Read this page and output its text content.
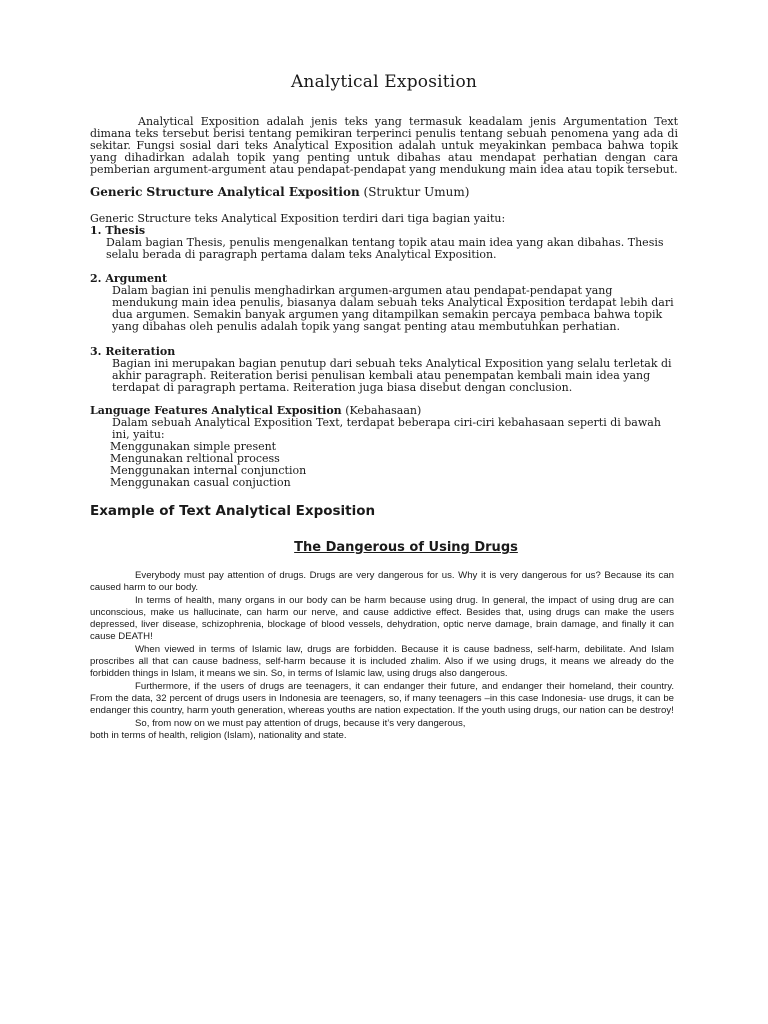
Analytical Exposition
Analytical Exposition adalah jenis teks yang termasuk keadalam jenis Argumentation Text dimana teks tersebut berisi tentang pemikiran terperinci penulis tentang sebuah penomena yang ada di sekitar. Fungsi sosial dari teks Analytical Exposition adalah untuk meyakinkan pembaca bahwa topik yang dihadirkan adalah topik yang penting untuk dibahas atau mendapat perhatian dengan cara pemberian argument-argument atau pendapat-pendapat yang mendukung main idea atau topik tersebut.
Generic Structure Analytical Exposition (Struktur Umum)
Generic Structure teks Analytical Exposition terdiri dari tiga bagian yaitu:
1. Thesis
Dalam bagian Thesis, penulis mengenalkan tentang topik atau main idea yang akan dibahas. Thesis selalu berada di paragraph pertama dalam teks Analytical Exposition.
2. Argument
Dalam bagian ini penulis menghadirkan argumen-argumen atau pendapat-pendapat yang mendukung main idea penulis, biasanya dalam sebuah teks Analytical Exposition terdapat lebih dari dua argumen. Semakin banyak argumen yang ditampilkan semakin percaya pembaca bahwa topik yang dibahas oleh penulis adalah topik yang sangat penting atau membutuhkan perhatian.
3. Reiteration
Bagian ini merupakan bagian penutup dari sebuah teks Analytical Exposition yang selalu terletak di akhir paragraph. Reiteration berisi penulisan kembali atau penempatan kembali main idea yang terdapat di paragraph pertama. Reiteration juga biasa disebut dengan conclusion.
Language Features Analytical Exposition (Kebahasaan)
Dalam sebuah Analytical Exposition Text, terdapat beberapa ciri-ciri kebahasaan seperti di bawah ini, yaitu:
Menggunakan simple present
Mengunakan reltional process
Menggunakan internal conjunction
Menggunakan casual conjuction
Example of Text Analytical Exposition
The Dangerous of Using Drugs
Everybody must pay attention of drugs. Drugs are very dangerous for us. Why it is very dangerous for us? Because its can caused harm to our body.
In terms of health, many organs in our body can be harm because using drug. In general, the impact of using drug are can unconscious, make us hallucinate, can harm our nerve, and cause addictive effect. Besides that, using drugs can make the users depressed, liver disease, schizophrenia, blockage of blood vessels, dehydration, optic nerve damage, brain damage, and finally it can cause DEATH!
When viewed in terms of Islamic law, drugs are forbidden. Because it is cause badness, self-harm, debilitate. And Islam proscribes all that can cause badness, self-harm because it is included zhalim. Also if we using drugs, it means we already do the forbidden things in Islam, it means we sin. So, in terms of Islamic law, using drugs also dangerous.
Furthermore, if the users of drugs are teenagers, it can endanger their future, and endanger their homeland, their country. From the data, 32 percent of drugs users in Indonesia are teenagers, so, if many teenagers –in this case Indonesia- use drugs, it can be endanger this country, harm youth generation, whereas youths are nation expectation. If the youth using drugs, our nation can be destroy!
So, from now on we must pay attention of drugs, because it’s very dangerous,
both in terms of health, religion (Islam), nationality and state.
